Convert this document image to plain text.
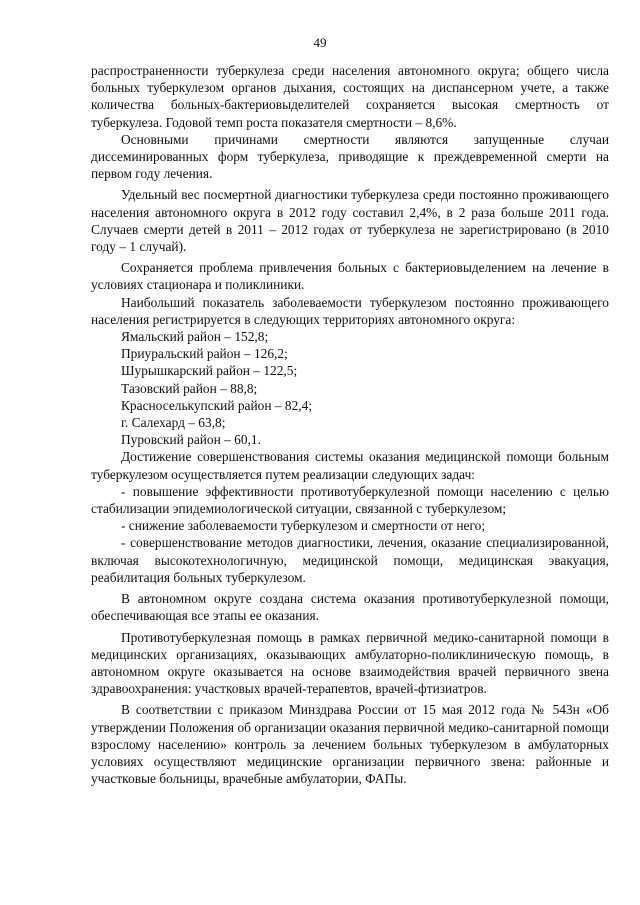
49

распространенности туберкулеза среди населения автономного округа; общего числа больных туберкулезом органов дыхания, состоящих на диспансерном учете, а также количества больных-бактериовыделителей сохраняется высокая смертность от туберкулеза. Годовой темп роста показателя смертности – 8,6%.

Основными причинами смертности являются запущенные случаи диссеминированных форм туберкулеза, приводящие к преждевременной смерти на первом году лечения.

Удельный вес посмертной диагностики туберкулеза среди постоянно проживающего населения автономного округа в 2012 году составил 2,4%, в 2 раза больше 2011 года. Случаев смерти детей в 2011 – 2012 годах от туберкулеза не зарегистрировано (в 2010 году – 1 случай).

Сохраняется проблема привлечения больных с бактериовыделением на лечение в условиях стационара и поликлиники.

Наибольший показатель заболеваемости туберкулезом постоянно проживающего населения регистрируется в следующих территориях автономного округа:

Ямальский район – 152,8;

Приуральский район – 126,2;

Шурышкарский район – 122,5;

Тазовский район – 88,8;

Красноселькупский район – 82,4;

г. Салехард – 63,8;

Пуровский район – 60,1.

Достижение совершенствования системы оказания медицинской помощи больным туберкулезом осуществляется путем реализации следующих задач:

- повышение эффективности противотуберкулезной помощи населению с целью стабилизации эпидемиологической ситуации, связанной с туберкулезом;

- снижение заболеваемости туберкулезом и смертности от него;

- совершенствование методов диагностики, лечения, оказание специализированной, включая высокотехнологичную, медицинской помощи, медицинская эвакуация, реабилитация больных туберкулезом.

В автономном округе создана система оказания противотуберкулезной помощи, обеспечивающая все этапы ее оказания.

Противотуберкулезная помощь в рамках первичной медико-санитарной помощи в медицинских организациях, оказывающих амбулаторно-поликлиническую помощь, в автономном округе оказывается на основе взаимодействия врачей первичного звена здравоохранения: участковых врачей-терапевтов, врачей-фтизиатров.

В соответствии с приказом Минздрава России от 15 мая 2012 года № 543н «Об утверждении Положения об организации оказания первичной медико-санитарной помощи взрослому населению» контроль за лечением больных туберкулезом в амбулаторных условиях осуществляют медицинские организации первичного звена: районные и участковые больницы, врачебные амбулатории, ФАПы.
